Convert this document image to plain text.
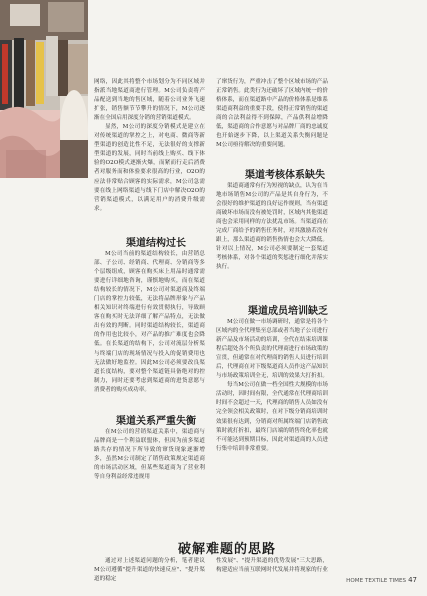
网络，因此其将整个市场划分为不同区域并指派当地渠道商进行管理。M公司负责将产品配送到当地的售区域，随着公司业务飞速扩张，销售额节节攀升的情况下，M公司逐渐在全国启用深度分销的营销渠道模式。

显然，M公司的深度分销模式是建立在对传统渠道的掌控之上，对电商、微商等新型渠道的创造比性不足，无法很好的支撑新型渠道的发展，同时当前线上购买、线下体验的O2O模式逐渐火爆，而紧而行走后消费者对服务而和体验要求很高的行业，O2O的应法非常贴合顾客的实际需求，M公司急需要在线上网络渠道与线下门店中解决O2O的营销渠道模式，以满足用户的消费升级需求。

渠道结构过长

M公司当前的渠道结构较长，由营销总部、子公司、经销商、代理商、分销商等多个层级组成，顾客在购买床上用品时通常需要进行详细地咨询，谨慎地购买，而在渠道结构较长的情况下，M公司对渠道商及终端门店的掌控力较低，无法将品牌形象与产品相关知识对终端进行有效贯彻执行，导致顾客在购买时无法详细了解产品特点，无法做出有效的判断。同时渠道结构较长，渠道商的作用也比较小，对产品的推广难度也会降低。在长渠道的结构下，公司对流层分析渠与终端门店的现场情况与投入的促销费用也无法做好地监控。因此M公司必须要改良渠道长度结构，要对整个渠道链具备绝对的控制力，同时还要考虑到渠道商的进货意愿与消费者的购买成功率。

渠道关系严重失衡

在M公司的营销渠道关系中，渠道商与品牌商是一个利益联盟体，但因为前多渠道路共存的情况下所导致的窜货现象逐渐增多，虽然M公司制定了销售政策规定渠道商的市场活动区域，但某些渠道商为了营业利等自身利益经常违规用

了窜货行为，严重冲击了整个区域市场的产品正常销售。此类行为还破坏了区域内统一的价格体系，而在渠道路中产品的价格体系是维系渠道商利益的重要手段，使得正常销售的渠道商的合法利益得不到保障，产品供利益增降低，渠道商的合作意愿与对品牌厂商的忠诚度也开始逐步下降，以上渠道关系失衡问题是M公司亟待解决的重要问题。

渠道考核体系缺失

渠道商通常有行为短视的缺点，认为在当地市场销售M公司的产品是其自身行为，不会很好的维护渠道的良好运作规则，当有渠道商破坏市场而没有被处罚时，区域内其他渠道商也会采用同样的方法扰乱市场。当渠道商在完成厂商给予的销售任务时，对其激励若没有跟上，那么渠道商的销售热情也会大大降低。针对以上情况，M公司必须要制定一套渠道考核体系，对各个渠道的奖惩进行细化并落实执行。

渠道成员培训缺乏

M公司在做一市场调研时，通常是将各个区域内的全代理集至总部或者当地子公司进行新产品及市场活动的培训，全代在结束培训课程后超处各个所负责的代理商进行市场政策的宣贯，但通常在对代理商的销售人员进行培训后，代理商在对下级渠道商人员作这产品知识与市场政策培训全无，培训的效果大打折扣。

每当M公司在做一档全国性大规模的市场活动时，因时间有限，全代通常在代理商培训时间不会超过一天，代理商的销售人员如没有完全领会相关政策时，在对下级分销商培训时效果很有达到，分销商对所属终端门店销售政策时就打折扣，最终门店端的销售终化率也就不可能达到预期目标，因此对渠道商的人员进行集中培训非常重要。

破解难题的思路

通过对上述渠道问题的分析，笔者建议M公司遵循"提升渠道的快速反应"、"提升渠道的稳定

性发展"、"提升渠道的优势发展"三大思路，构建适应当前互联网时代发展并将现家的行业

HOME TEXTILE TIMES 47
